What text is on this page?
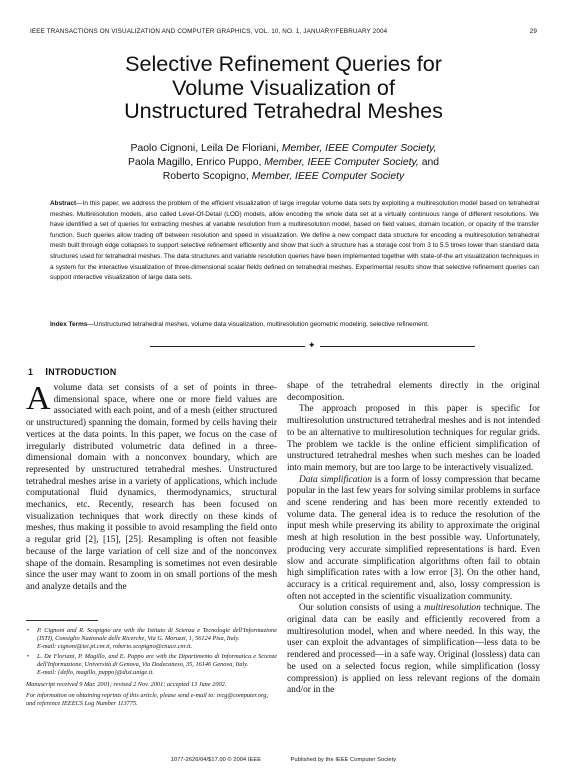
IEEE TRANSACTIONS ON VISUALIZATION AND COMPUTER GRAPHICS, VOL. 10, NO. 1, JANUARY/FEBRUARY 2004	29
Selective Refinement Queries for
Volume Visualization of
Unstructured Tetrahedral Meshes
Paolo Cignoni, Leila De Floriani, Member, IEEE Computer Society,
Paola Magillo, Enrico Puppo, Member, IEEE Computer Society, and
Roberto Scopigno, Member, IEEE Computer Society
Abstract—In this paper, we address the problem of the efficient visualization of large irregular volume data sets by exploiting a multiresolution model based on tetrahedral meshes. Multiresolution models, also called Level-Of-Detail (LOD) models, allow encoding the whole data set at a virtually continuous range of different resolutions. We have identified a set of queries for extracting meshes at variable resolution from a multiresolution model, based on field values, domain location, or opacity of the transfer function. Such queries allow trading off between resolution and speed in visualization. We define a new compact data structure for encoding a multiresolution tetrahedral mesh built through edge collapses to support selective refinement efficiently and show that such a structure has a storage cost from 3 to 5.5 times lower than standard data structures used for tetrahedral meshes. The data structures and variable resolution queries have been implemented together with state-of-the art visualization techniques in a system for the interactive visualization of three-dimensional scalar fields defined on tetrahedral meshes. Experimental results show that selective refinement queries can support interactive visualization of large data sets.
Index Terms—Unstructured tetrahedral meshes, volume data visualization, multiresolution geometric modeling, selective refinement.
✦
1 INTRODUCTION

Avolume data set consists of a set of points in three-dimensional space, where one or more field values are associated with each point, and of a mesh (either structured or unstructured) spanning the domain, formed by cells having their vertices at the data points. In this paper, we focus on the case of irregularly distributed volumetric data defined in a three-dimensional domain with a nonconvex boundary, which are represented by unstructured tetrahedral meshes. Unstructured tetrahedral meshes arise in a variety of applications, which include computational fluid dynamics, thermodynamics, structural mechanics, etc. Recently, research has been focused on visualization techniques that work directly on these kinds of meshes, thus making it possible to avoid resampling the field onto a regular grid [2], [15], [25]. Resampling is often not feasible because of the large variation of cell size and of the nonconvex shape of the domain. Resampling is sometimes not even desirable since the user may want to zoom in on small portions of the mesh and analyze details and the

• P. Cignoni and R. Scopigno are with the Istituto di Scienza e Tecnologie dell'Informazione (ISTI), Consiglio Nazionale delle Ricerche, Via G. Moruzzi, 1, 56124 Pisa, Italy.
E-mail: cignoni@iei.pi.cnr.it, roberto.scopigno@cnuce.cnr.it.
• L. De Floriani, P. Magillo, and E. Puppo are with the Dipartimento di Informatica e Scienze dell'Informazione, Università di Genova, Via Dodecaneso, 35, 16146 Genova, Italy.
E-mail: {deflo, magillo, puppo}@disi.unige.it.
Manuscript received 9 Mar. 2001; revised 2 Nov. 2001; accepted 13 June 2002.
For information on obtaining reprints of this article, please send e-mail to: tvcg@computer.org, and reference IEEECS Log Number 113775.

shape of the tetrahedral elements directly in the original decomposition.

The approach proposed in this paper is specific for multiresolution unstructured tetrahedral meshes and is not intended to be an alternative to multiresolution techniques for regular grids. The problem we tackle is the online efficient simplification of unstructured tetrahedral meshes when such meshes can be loaded into main memory, but are too large to be interactively visualized.

Data simplification is a form of lossy compression that became popular in the last few years for solving similar problems in surface and scene rendering and has been more recently extended to volume data. The general idea is to reduce the resolution of the input mesh while preserving its ability to approximate the original mesh at high resolution in the best possible way. Unfortunately, producing very accurate simplified representations is hard. Even slow and accurate simplification algorithms often fail to obtain high simplification rates with a low error [3]. On the other hand, accuracy is a critical requirement and, also, lossy compression is often not accepted in the scientific visualization community.

Our solution consists of using a multiresolution technique. The original data can be easily and efficiently recovered from a multiresolution model, when and where needed. In this way, the user can exploit the advantages of simplification—less data to be rendered and processed—in a safe way. Original (lossless) data can be used on a selected focus region, while simplification (lossy compression) is applied on less relevant regions of the domain and/or in the

1077-2626/04/$17.00 © 2004 IEEE	Published by the IEEE Computer Society
